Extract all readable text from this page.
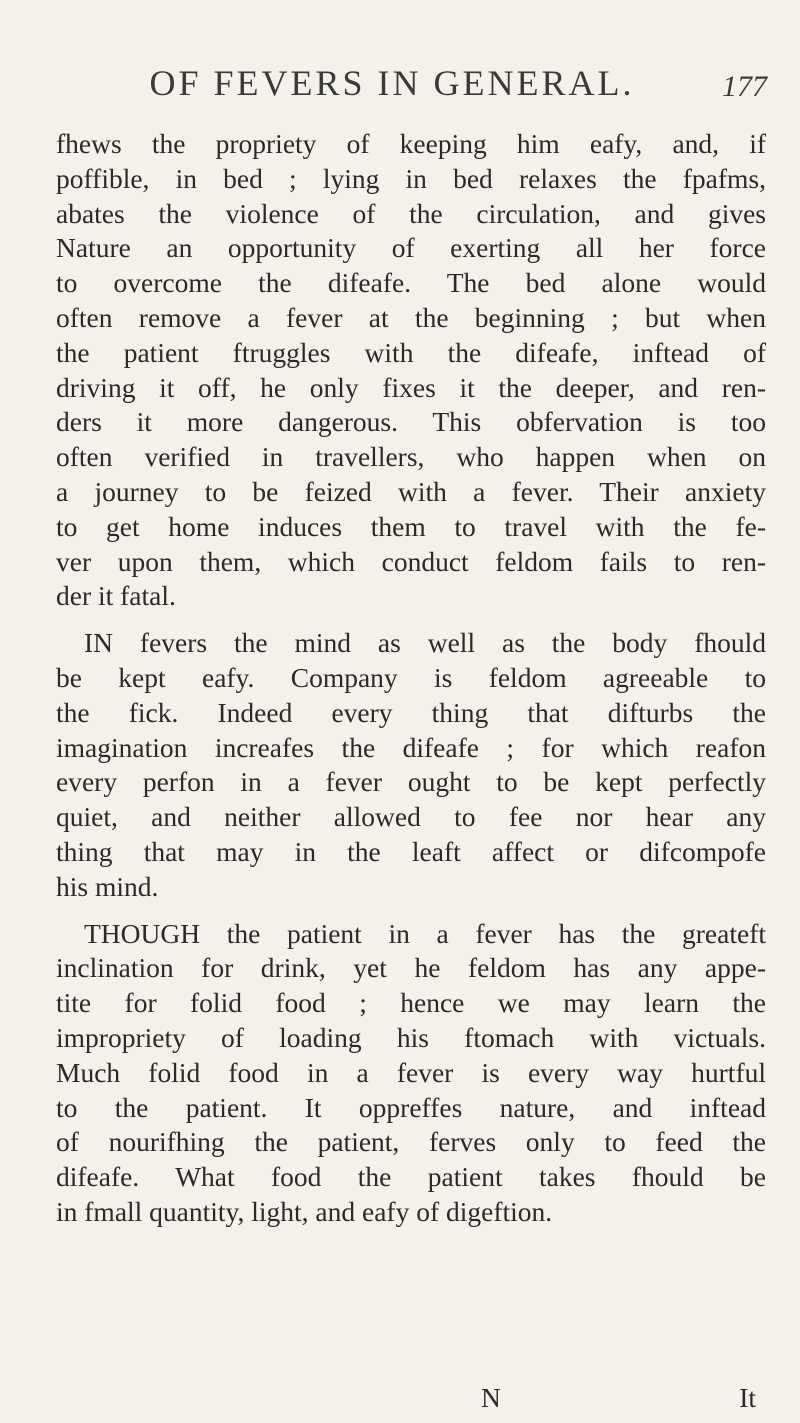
OF FEVERS IN GENERAL.	177
fhews the propriety of keeping him eafy, and, if
poffible, in bed ; lying in bed relaxes the fpafms,
abates the violence of the circulation, and gives
Nature an opportunity of exerting all her force
to overcome the difeafe. The bed alone would
often remove a fever at the beginning ; but when
the patient ftruggles with the difeafe, inftead of
driving it off, he only fixes it the deeper, and ren-
ders it more dangerous. This obfervation is too
often verified in travellers, who happen when on
a journey to be feized with a fever. Their anxiety
to get home induces them to travel with the fe-
ver upon them, which conduct feldom fails to ren-
der it fatal.
IN fevers the mind as well as the body fhould
be kept eafy. Company is feldom agreeable to
the fick. Indeed every thing that difturbs the
imagination increafes the difeafe ; for which reafon
every perfon in a fever ought to be kept perfectly
quiet, and neither allowed to fee nor hear any
thing that may in the leaft affect or difcompofe
his mind.
THOUGH the patient in a fever has the greateft
inclination for drink, yet he feldom has any appe-
tite for folid food ; hence we may learn the
impropriety of loading his ftomach with victuals.
Much folid food in a fever is every way hurtful
to the patient. It oppreffes nature, and inftead
of nourifhing the patient, ferves only to feed the
difeafe. What food the patient takes fhould be
in fmall quantity, light, and eafy of digeftion.
N	It
